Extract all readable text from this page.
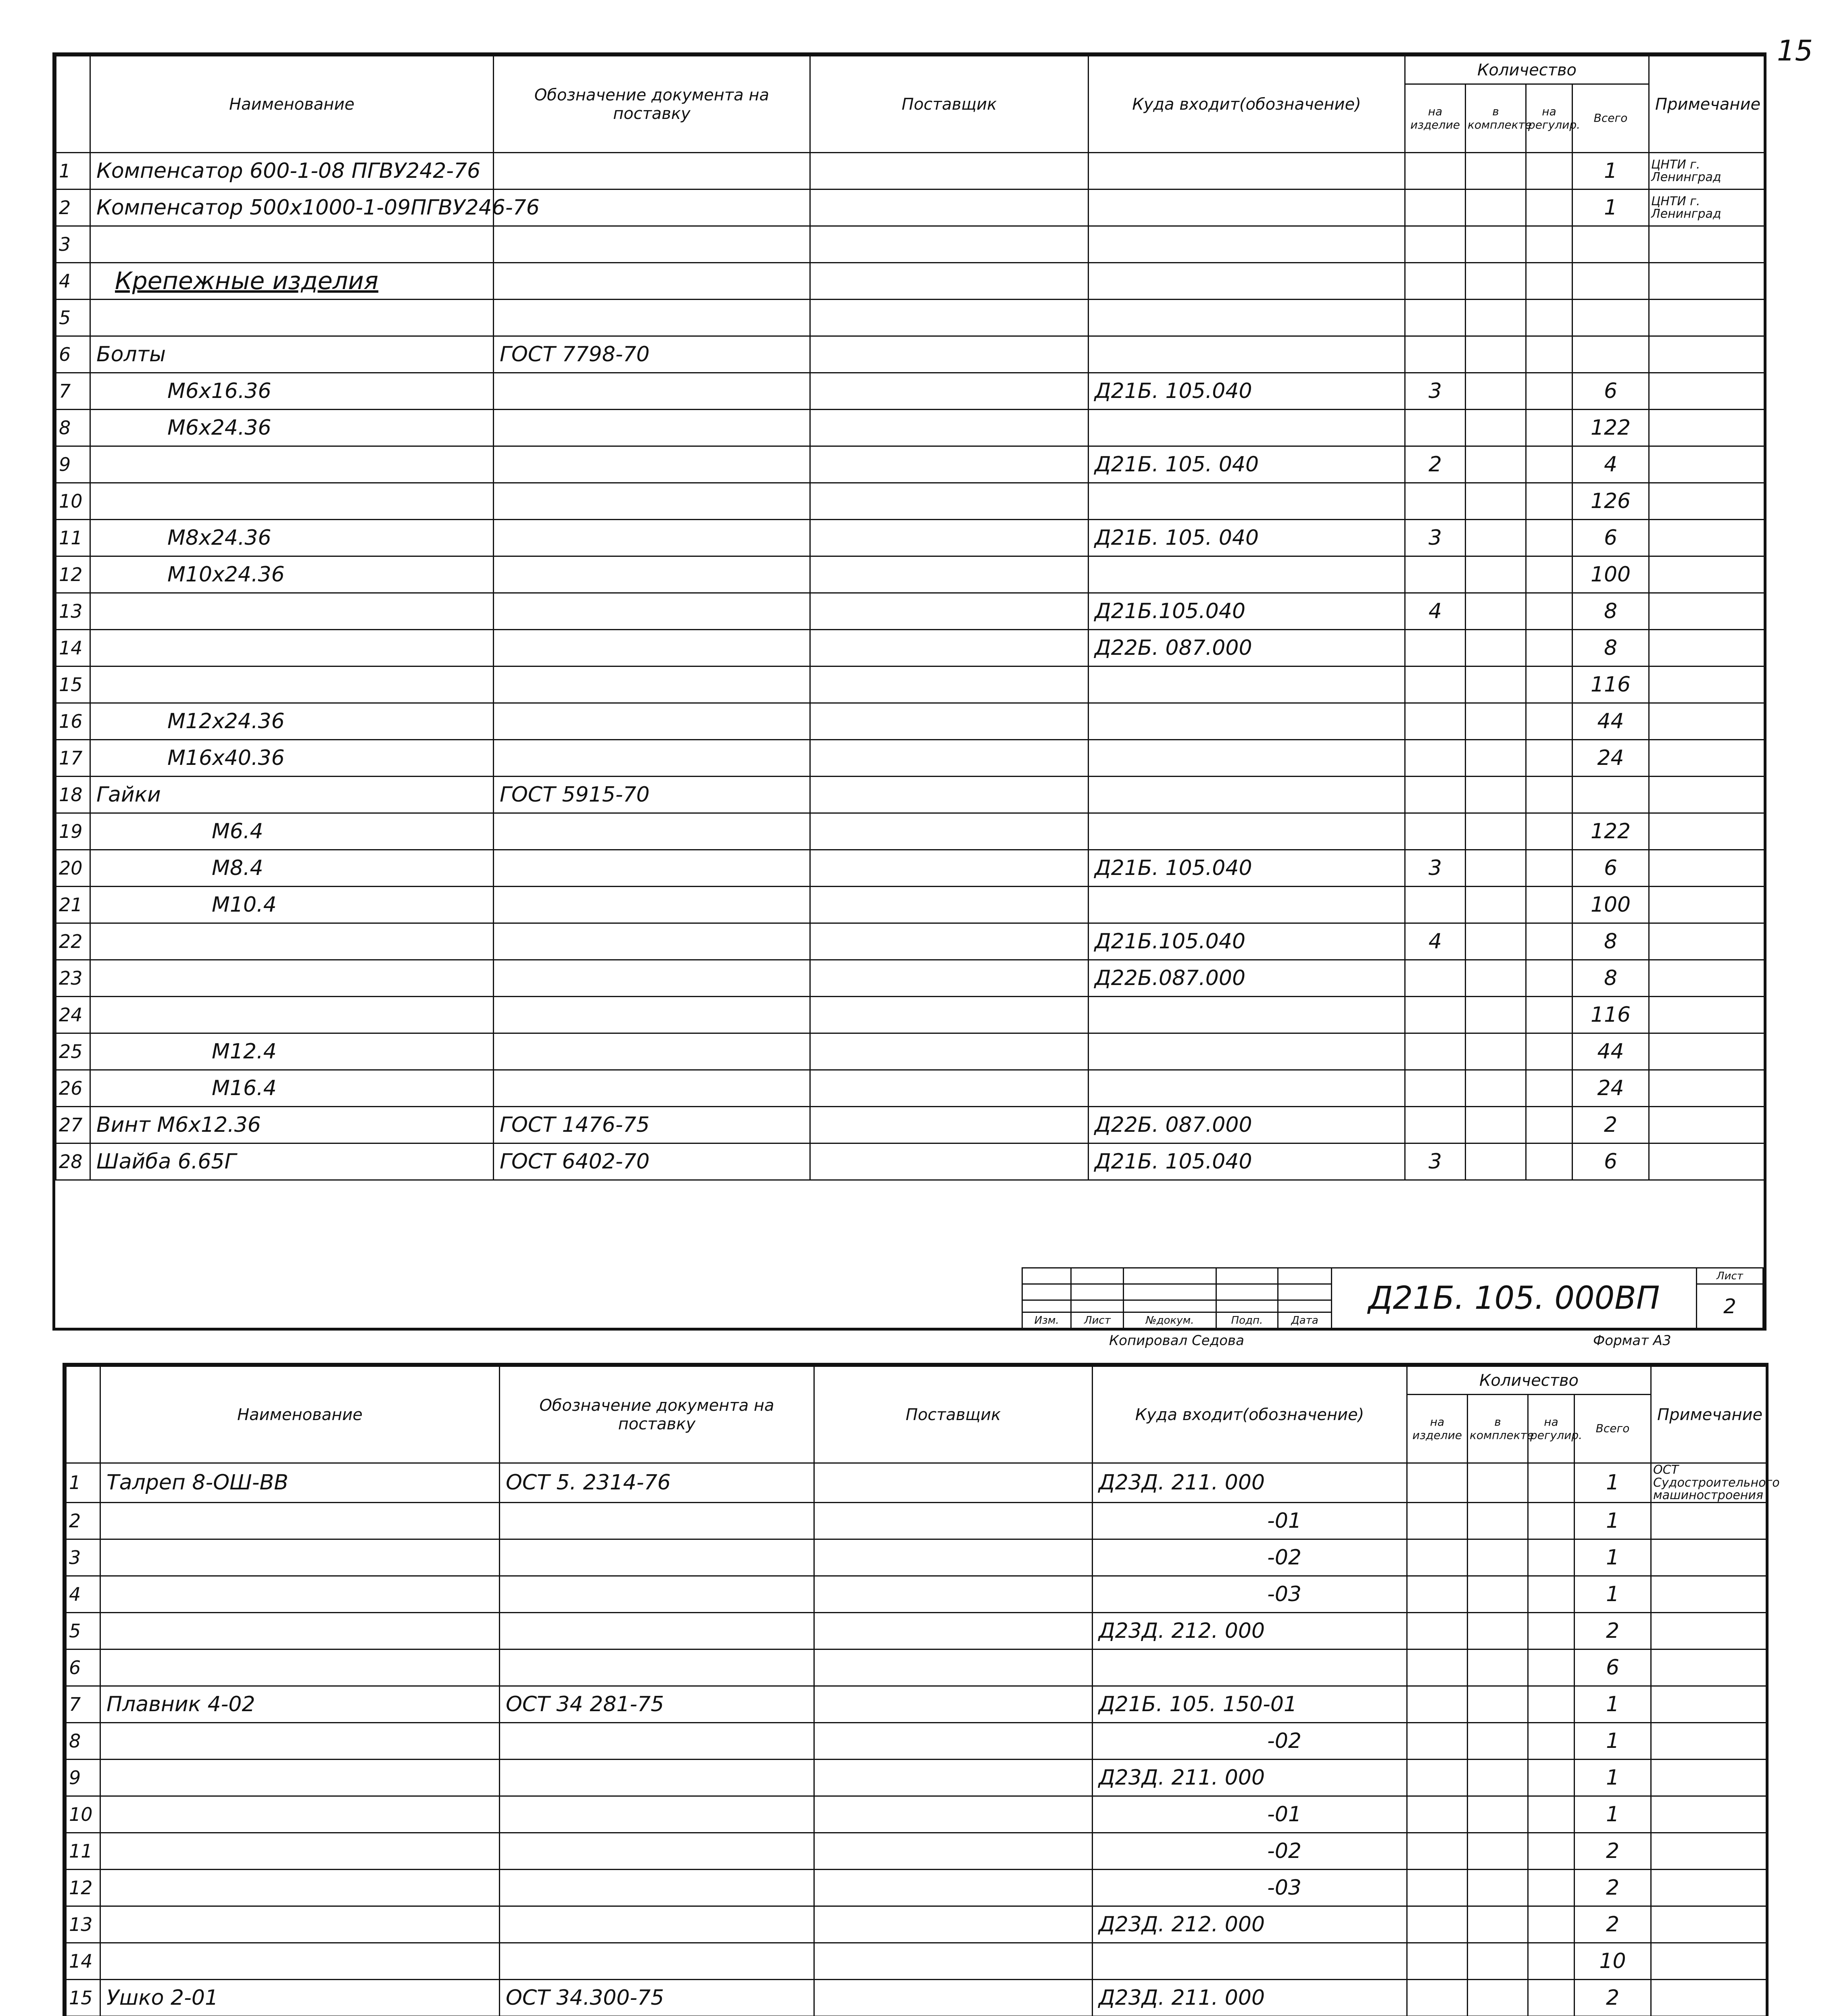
15
	Наименование	Обозначение документа на поставку	Поставщик	Куда входит(обозначение)	Количество				Примечание
					на изделие	в комплекте	на регулир.	Всего	
1	Компенсатор 600-1-08 ПГВУ242-76							1	ЦНТИ г. Ленинград
2	Компенсатор 500х1000-1-09ПГВУ246-76							1	ЦНТИ г. Ленинград
3									
4	Крепежные изделия								
5									
6	Болты	ГОСТ 7798-70							
7	М6х16.36			Д21Б. 105.040	3			6	
8	М6х24.36							122	
9				Д21Б. 105. 040	2			4	
10								126	
11	М8х24.36			Д21Б. 105. 040	3			6	
12	М10х24.36							100	
13				Д21Б.105.040	4			8	
14				Д22Б. 087.000				8	
15								116	
16	М12х24.36							44	
17	М16х40.36							24	
18	Гайки	ГОСТ 5915-70							
19	М6.4							122	
20	М8.4			Д21Б. 105.040	3			6	
21	М10.4							100	
22				Д21Б.105.040	4			8	
23				Д22Б.087.000				8	
24								116	
25	М12.4							44	
26	М16.4							24	
27	Винт М6х12.36	ГОСТ 1476-75		Д22Б. 087.000				2	
28	Шайба 6.65Г	ГОСТ 6402-70		Д21Б. 105.040	3			6	
					Д21Б. 105. 000ВП	Лист
						2

Изм.	Лист	№докум.	Подп.	Дата		
Копировал Седова	Формат А3
	Наименование	Обозначение документа на поставку	Поставщик	Куда входит(обозначение)	Количество				Примечание
					на изделие	в комплекте	на регулир.	Всего	
1	Талреп 8-ОШ-ВВ	ОСТ 5. 2314-76		Д23Д. 211. 000				1	ОСТ Судостроительного машиностроения
2				-01				1	
3				-02				1	
4				-03				1	
5				Д23Д. 212. 000				2	
6								6	
7	Плавник 4-02	ОСТ 34 281-75		Д21Б. 105. 150-01				1	
8				-02				1	
9				Д23Д. 211. 000				1	
10				-01				1	
11				-02				2	
12				-03				2	
13				Д23Д. 212. 000				2	
14								10	
15	Ушко 2-01	ОСТ 34.300-75		Д23Д. 211. 000				2	
